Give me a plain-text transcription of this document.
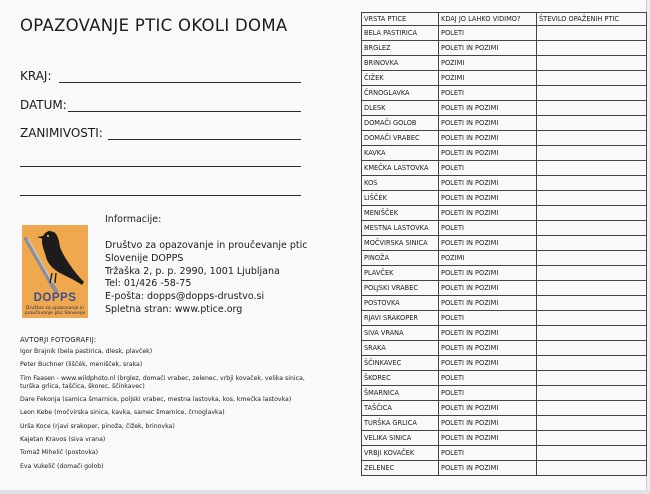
OPAZOVANJE PTIC OKOLI DOMA
KRAJ:
DATUM:
ZANIMIVOSTI:
DOPPS
Društvo za opazovanje in
proučevanje ptic Slovenije
Informacije:
Društvo za opazovanje in proučevanje ptic
Slovenije DOPPS
Tržaška 2, p. p. 2990, 1001 Ljubljana
Tel: 01/426 -58-75
E-pošta: dopps@dopps-drustvo.si
Spletna stran: www.ptice.org
AVTORJI FOTOGRAFIJ:
Igor Brajnik (bela pastirica, dlesk, plavček)
Peter Buchner (liščék, menišček, sraka)
Tim Faasen - www.wildphoto.nl (brglez, domači vrabec, zelenec, vrbji kovaček, velika sinica, turška grlica, taščica, škorec, ščinkavec)
Dare Fekonja (samica šmarnice, poljski vrabec, mestna lastovka, kos, kmečka lastovka)
Leon Kebe (močvirska sinica, kavka, samec šmarnice, črnoglavka)
Urša Koce (rjavi srakoper, pinoža, čižek, brinovka)
Kajetan Kravos (siva vrana)
Tomaž Mihelič (postovka)
Eva Vukelič (domači golob)
VRSTA PTICE	KDAJ JO LAHKO VIDIMO?	ŠTEVILO OPAŽENIH PTIC
BELA PASTIRICA	POLETI	
BRGLEZ	POLETI IN POZIMI	
BRINOVKA	POZIMI	
ČIŽEK	POZIMI	
ČRNOGLAVKA	POLETI	
DLESK	POLETI IN POZIMI	
DOMAČI GOLOB	POLETI IN POZIMI	
DOMAČI VRABEC	POLETI IN POZIMI	
KAVKA	POLETI IN POZIMI	
KMEČKA LASTOVKA	POLETI	
KOS	POLETI IN POZIMI	
LIŠČEK	POLETI IN POZIMI	
MENIŠČEK	POLETI IN POZIMI	
MESTNA LASTOVKA	POLETI	
MOČVIRSKA SINICA	POLETI IN POZIMI	
PINOŽA	POZIMI	
PLAVČEK	POLETI IN POZIMI	
POLJSKI VRABEC	POLETI IN POZIMI	
POSTOVKA	POLETI IN POZIMI	
RJAVI SRAKOPER	POLETI	
SIVA VRANA	POLETI IN POZIMI	
SRAKA	POLETI IN POZIMI	
ŠČINKAVEC	POLETI IN POZIMI	
ŠKOREC	POLETI	
ŠMARNICA	POLETI	
TAŠČICA	POLETI IN POZIMI	
TURŠKA GRLICA	POLETI IN POZIMI	
VELIKA SINICA	POLETI IN POZIMI	
VRBJI KOVAČEK	POLETI	
ZELENEC	POLETI IN POZIMI	
